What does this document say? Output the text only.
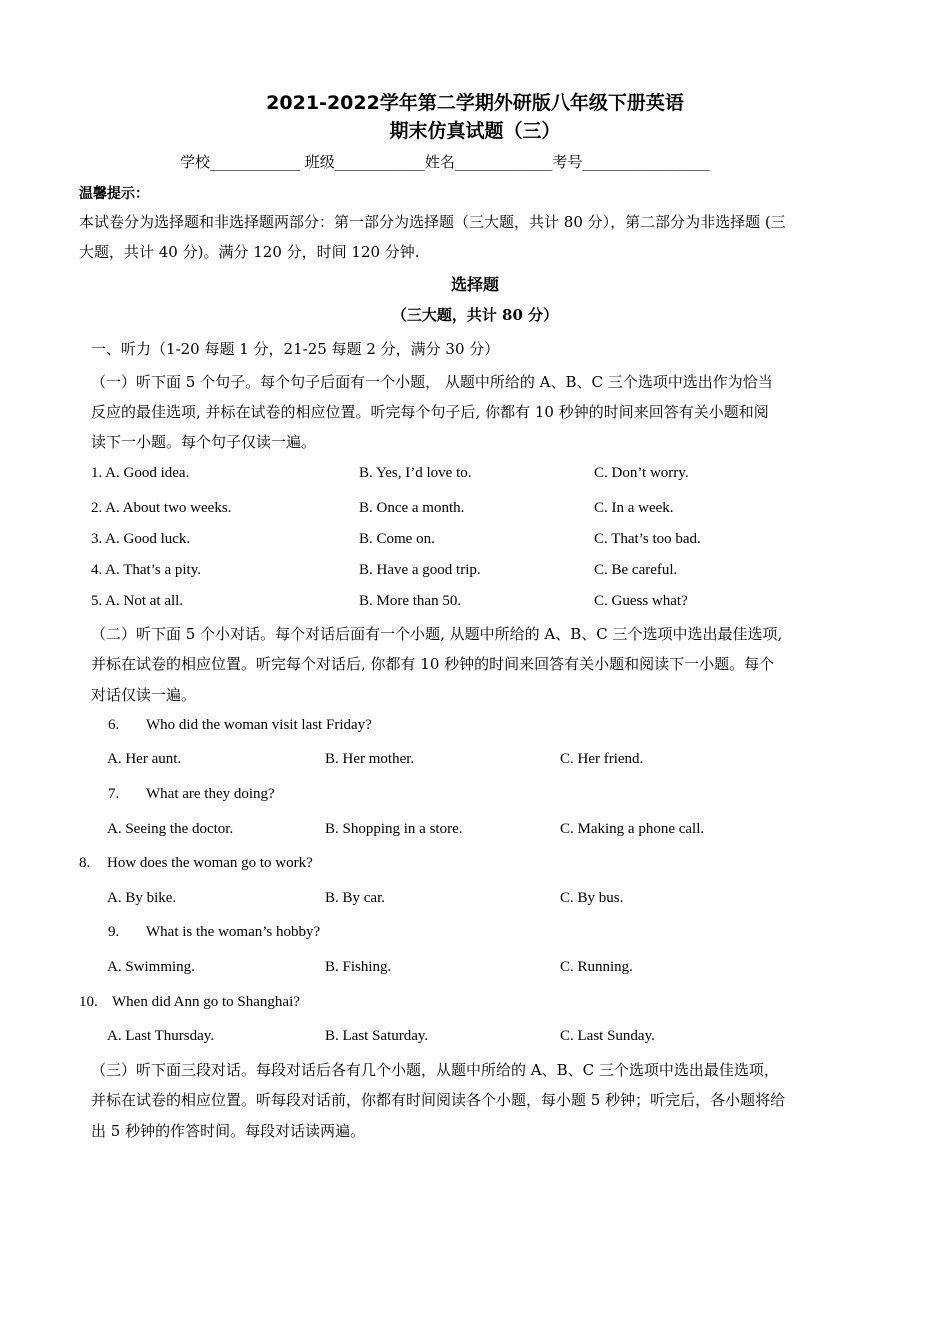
2021-2022学年第二学期外研版八年级下册英语
期末仿真试题（三）
学校____________ 班级____________姓名_____________考号_________________
温馨提示：
本试卷分为选择题和非选择题两部分：第一部分为选择题（三大题，共计 80 分），第二部分为非选择题 (三
大题，共计 40 分)。满分 120 分，时间 120 分钟.
选择题
（三大题，共计 80 分）
一、听力（1-20 每题 1 分，21-25 每题 2 分，满分 30 分）
（一）听下面 5 个句子。每个句子后面有一个小题， 从题中所给的 A、B、C 三个选项中选出作为恰当
反应的最佳选项, 并标在试卷的相应位置。听完每个句子后, 你都有 10 秒钟的时间来回答有关小题和阅
读下一小题。每个句子仅读一遍。
1. A. Good idea.	B. Yes, I’d love to.	C. Don’t worry.
2. A. About two weeks.	B. Once a month.	C. In a week.
3. A. Good luck.	B. Come on.	C. That’s too bad.
4. A. That’s a pity.	B. Have a good trip.	C. Be careful.
5. A. Not at all.	B. More than 50.	C. Guess what?
（二）听下面 5 个小对话。每个对话后面有一个小题, 从题中所给的 A、B、C 三个选项中选出最佳选项,
并标在试卷的相应位置。听完每个对话后, 你都有 10 秒钟的时间来回答有关小题和阅读下一小题。每个
对话仅读一遍。
6. Who did the woman visit last Friday?
A. Her aunt.	B. Her mother.	C. Her friend.
7. What are they doing?
A. Seeing the doctor.	B. Shopping in a store.	C. Making a phone call.
8. How does the woman go to work?
A. By bike.	B. By car.	C. By bus.
9. What is the woman’s hobby?
A. Swimming.	B. Fishing.	C. Running.
10. When did Ann go to Shanghai?
A. Last Thursday.	B. Last Saturday.	C. Last Sunday.
（三）听下面三段对话。每段对话后各有几个小题，从题中所给的 A、B、C 三个选项中选出最佳选项，
并标在试卷的相应位置。听每段对话前，你都有时间阅读各个小题，每小题 5 秒钟；听完后，各小题将给
出 5 秒钟的作答时间。每段对话读两遍。
